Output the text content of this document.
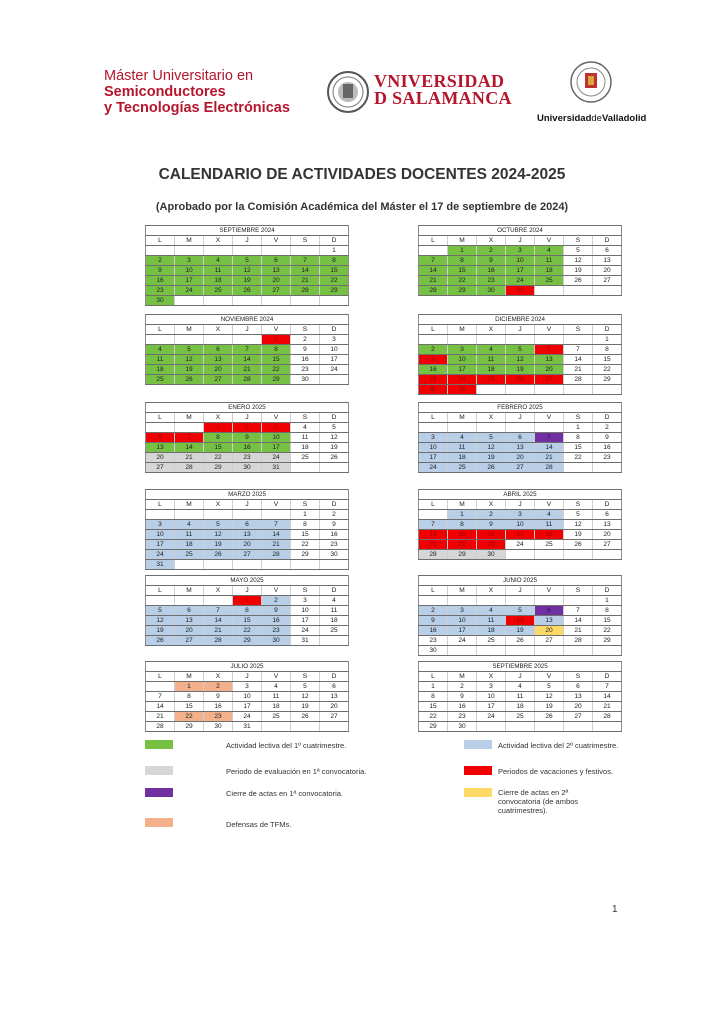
Máster Universitario en
Semiconductores
y Tecnologías Electrónicas
VNIVERSIDAD
D SALAMANCA
UniversidaddeValladolid
CALENDARIO DE ACTIVIDADES DOCENTES 2024-2025
(Aprobado por la Comisión Académica del Máster el 17 de septiembre de 2024)
SEPTIEMBRE 2024						
L	M	X	J	V	S	D
						1
2	3	4	5	6	7	8
9	10	11	12	13	14	15
16	17	18	19	20	21	22
23	24	25	26	27	28	29
30						
OCTUBRE 2024						
L	M	X	J	V	S	D
	1	2	3	4	5	6
7	8	9	10	11	12	13
14	15	16	17	18	19	20
21	22	23	24	25	26	27
28	29	30	31			
NOVIEMBRE 2024						
L	M	X	J	V	S	D
				1	2	3
4	5	6	7	8	9	10
11	12	13	14	15	16	17
18	19	20	21	22	23	24
25	26	27	28	29	30	
DICIEMBRE 2024						
L	M	X	J	V	S	D
						1
2	3	4	5	6	7	8
9	10	11	12	13	14	15
16	17	18	19	20	21	22
23	24	25	26	27	28	29
30	31					
ENERO 2025						
L	M	X	J	V	S	D
		1	2	3	4	5
6	7	8	9	10	11	12
13	14	15	16	17	18	19
20	21	22	23	24	25	26
27	28	29	30	31		
FEBRERO 2025						
L	M	X	J	V	S	D
					1	2
3	4	5	6	7	8	9
10	11	12	13	14	15	16
17	18	19	20	21	22	23
24	25	26	27	28		
MARZO 2025						
L	M	X	J	V	S	D
					1	2
3	4	5	6	7	8	9
10	11	12	13	14	15	16
17	18	19	20	21	22	23
24	25	26	27	28	29	30
31						
ABRIL 2025						
L	M	X	J	V	S	D
	1	2	3	4	5	6
7	8	9	10	11	12	13
14	15	16	17	18	19	20
21	22	23	24	25	26	27
28	29	30				
MAYO 2025						
L	M	X	J	V	S	D
			1	2	3	4
5	6	7	8	9	10	11
12	13	14	15	16	17	18
19	20	21	22	23	24	25
26	27	28	29	30	31	
JUNIO 2025						
L	M	X	J	V	S	D
						1
2	3	4	5	6	7	8
9	10	11	12	13	14	15
16	17	18	19	20	21	22
23	24	25	26	27	28	29
30						
JULIO 2025						
L	M	X	J	V	S	D
	1	2	3	4	5	6
7	8	9	10	11	12	13
14	15	16	17	18	19	20
21	22	23	24	25	26	27
28	29	30	31			
SEPTIEMBRE 2025						
L	M	X	J	V	S	D
1	2	3	4	5	6	7
8	9	10	11	12	13	14
15	16	17	18	19	20	21
22	23	24	25	26	27	28
29	30					
Actividad lectiva del 1º cuatrimestre.	Actividad lectiva del 2º cuatrimestre.
Periodo de evaluación en 1ª convocatoria.	Periodos de vacaciones y festivos.
Cierre de actas en 1ª convocatoria.	Cierre de actas en 2ª
convocatoria (de ambos
cuatrimestres).
Defensas de TFMs.
1
